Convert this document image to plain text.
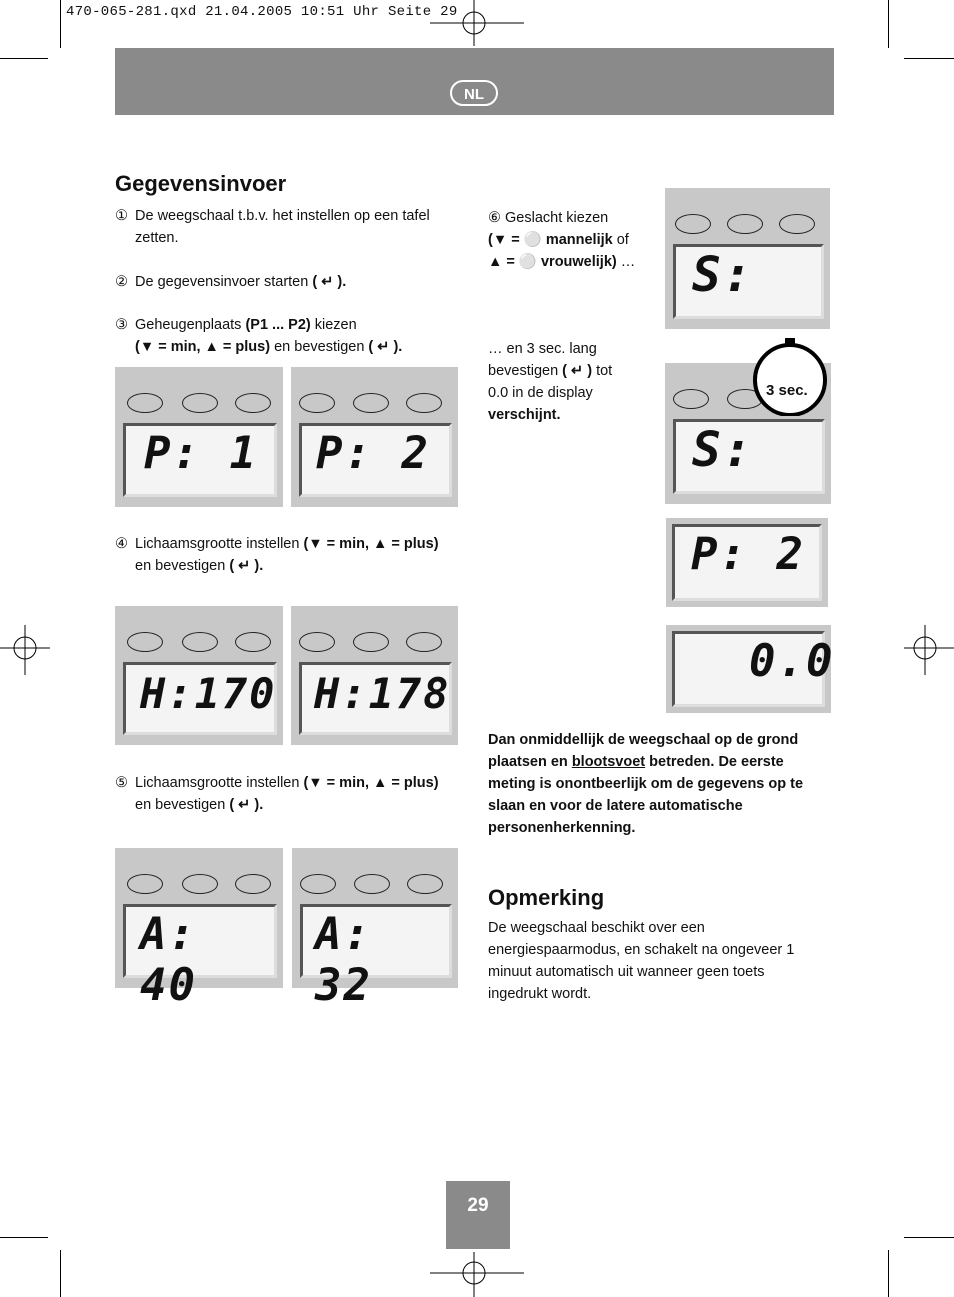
470-065-281.qxd 21.04.2005 10:51 Uhr Seite 29
NL
Gegevensinvoer
① De weegschaal t.b.v. het instellen op een tafel zetten.
② De gegevensinvoer starten ( ↵ ).
③ Geheugenplaats (P1 ... P2) kiezen
(▼ = min, ▲ = plus) en bevestigen ( ↵ ).
P: 1 P: 2
④ Lichaamsgrootte instellen (▼ = min, ▲ = plus)
en bevestigen ( ↵ ).
H:170 H:178
⑤ Lichaamsgrootte instellen (▼ = min, ▲ = plus)
en bevestigen ( ↵ ).
A: 40
A: 32
⑥ Geslacht kiezen
(▼ = ⚪ mannelijk of
▲ = ⚪ vrouwelijk) …	S:
… en 3 sec. lang
bevestigen ( ↵ ) tot
0.0 in de display
verschijnt.
S:
3 sec.
P: 2
0.0
Dan onmiddellijk de weegschaal op de grond plaatsen en blootsvoet betreden. De eerste meting is onontbeerlijk om de gegevens op te slaan en voor de latere automatische personenherkenning.
Opmerking
De weegschaal beschikt over een energiespaarmodus, en schakelt na ongeveer 1 minuut automatisch uit wanneer geen toets ingedrukt wordt.
29
